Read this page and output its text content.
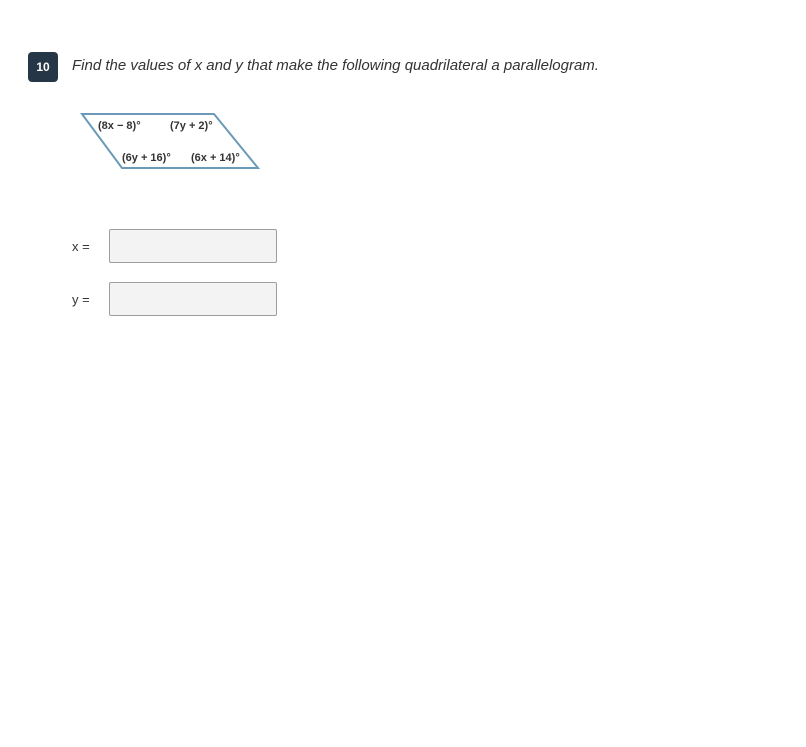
10	Find the values of x and y that make the following quadrilateral a parallelogram.
(8x − 8)°	(7y + 2)°
(6y + 16)° (6x + 14)°
x =
y =
